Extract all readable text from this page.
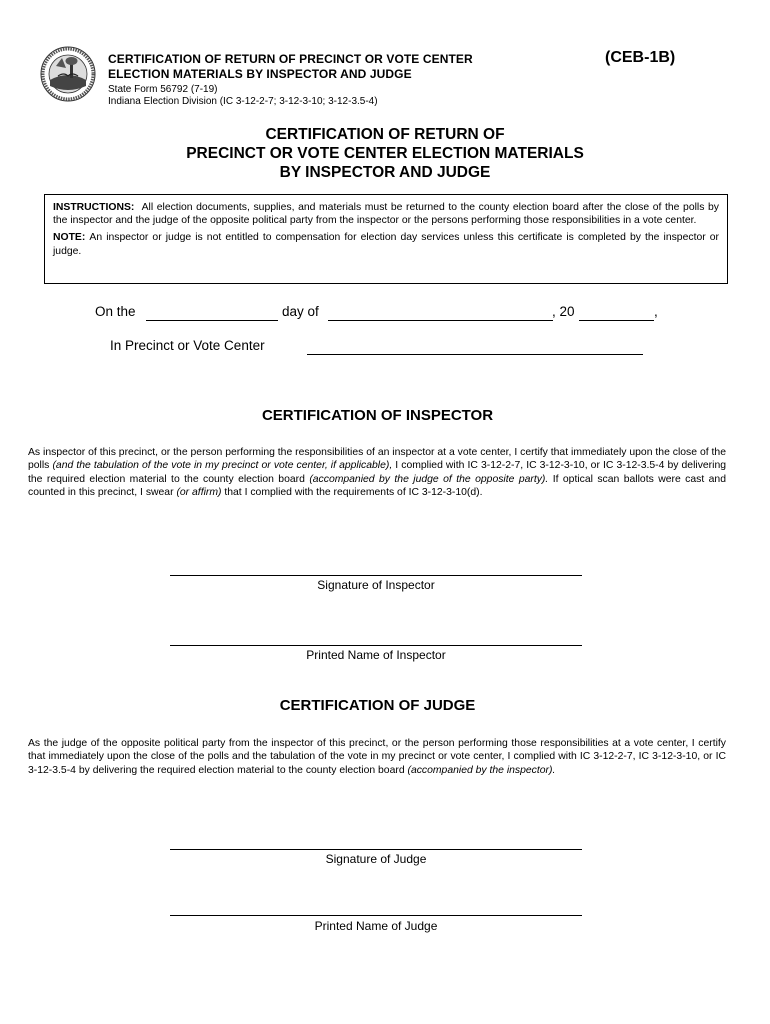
CERTIFICATION OF RETURN OF PRECINCT OR VOTE CENTER
ELECTION MATERIALS BY INSPECTOR AND JUDGE
(CEB-1B)
State Form 56792 (7-19)
Indiana Election Division (IC 3-12-2-7; 3-12-3-10; 3-12-3.5-4)
CERTIFICATION OF RETURN OF
PRECINCT OR VOTE CENTER ELECTION MATERIALS
BY INSPECTOR AND JUDGE

INSTRUCTIONS: All election documents, supplies, and materials must be returned to the county election board after the close of the polls by the inspector and the judge of the opposite political party from the inspector or the persons performing those responsibilities in a vote center.

NOTE: An inspector or judge is not entitled to compensation for election day services unless this certificate is completed by the inspector or judge.

On the	day of	, 20	,
In Precinct or Vote Center
CERTIFICATION OF INSPECTOR
As inspector of this precinct, or the person performing the responsibilities of an inspector at a vote center, I certify that immediately upon the close of the polls (and the tabulation of the vote in my precinct or vote center, if applicable), I complied with IC 3-12-2-7, IC 3-12-3-10, or IC 3-12-3.5-4 by delivering the required election material to the county election board (accompanied by the judge of the opposite party). If optical scan ballots were cast and counted in this precinct, I swear (or affirm) that I complied with the requirements of IC 3-12-3-10(d).
Signature of Inspector
Printed Name of Inspector
CERTIFICATION OF JUDGE
As the judge of the opposite political party from the inspector of this precinct, or the person performing those responsibilities at a vote center, I certify that immediately upon the close of the polls and the tabulation of the vote in my precinct or vote center, I complied with IC 3-12-2-7, IC 3-12-3-10, or IC 3-12-3.5-4 by delivering the required election material to the county election board (accompanied by the inspector).
Signature of Judge
Printed Name of Judge
